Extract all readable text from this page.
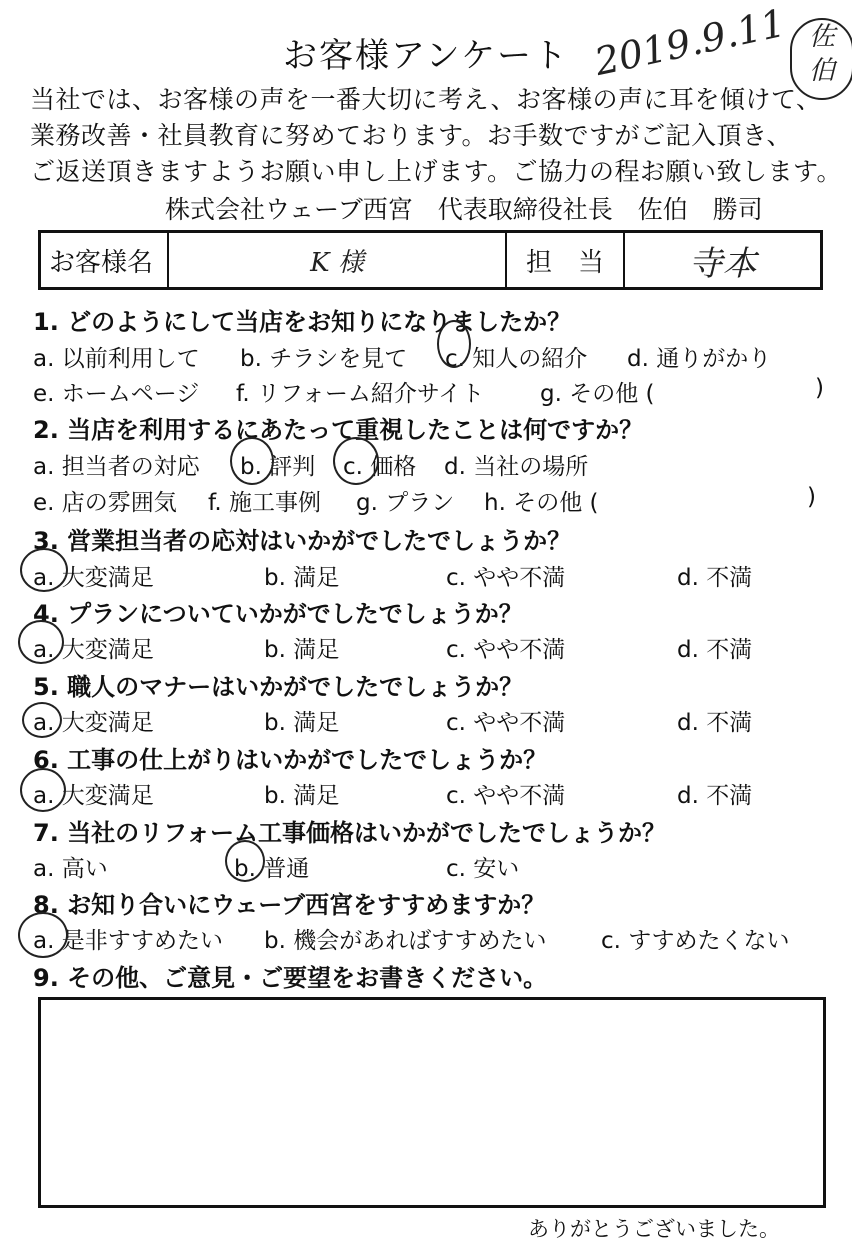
お客様アンケート 2019.9.11 佐
伯
当社では、お客様の声を一番大切に考え、お客様の声に耳を傾けて、
業務改善・社員教育に努めております。お手数ですがご記入頂き、
ご返送頂きますようお願い申し上げます。ご協力の程お願い致します。
株式会社ウェーブ西宮　代表取締役社長　佐伯　勝司
お客様名	K 様	担　当	寺本
1. どのようにして当店をお知りになりましたか？
a. 以前利用して b. チラシを見て c. 知人の紹介 d. 通りがかり
e. ホームページ f. リフォーム紹介サイト g. その他 (	)
2. 当店を利用するにあたって重視したことは何ですか？
a. 担当者の対応 b. 評判 c. 価格 d. 当社の場所
e. 店の雰囲気 f. 施工事例 g. プラン h. その他 (	)
3. 営業担当者の応対はいかがでしたでしょうか？
a. 大変満足	b. 満足	c. やや不満	d. 不満
4. プランについていかがでしたでしょうか？
a. 大変満足	b. 満足	c. やや不満	d. 不満
5. 職人のマナーはいかがでしたでしょうか？
a. 大変満足	b. 満足	c. やや不満	d. 不満
6. 工事の仕上がりはいかがでしたでしょうか？
a. 大変満足	b. 満足	c. やや不満	d. 不満
7. 当社のリフォーム工事価格はいかがでしたでしょうか？
a. 高い	b. 普通	c. 安い
8. お知り合いにウェーブ西宮をすすめますか？
a. 是非すすめたい b. 機会があればすすめたい c. すすめたくない
9. その他、ご意見・ご要望をお書きください。
ありがとうございました。
